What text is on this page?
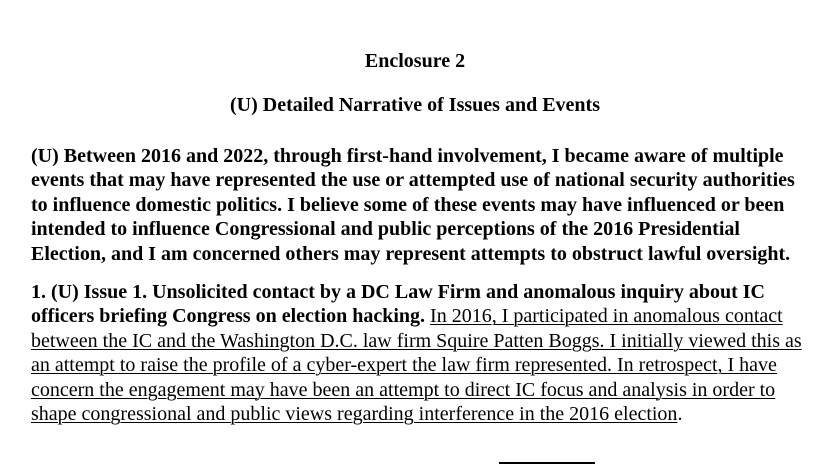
Enclosure 2
(U) Detailed Narrative of Issues and Events
(U) Between 2016 and 2022, through first-hand involvement, I became aware of multiple
events that may have represented the use or attempted use of national security authorities
to influence domestic politics. I believe some of these events may have influenced or been
intended to influence Congressional and public perceptions of the 2016 Presidential
Election, and I am concerned others may represent attempts to obstruct lawful oversight.
1. (U) Issue 1. Unsolicited contact by a DC Law Firm and anomalous inquiry about IC
officers briefing Congress on election hacking. In 2016, I participated in anomalous contact
between the IC and the Washington D.C. law firm Squire Patten Boggs. I initially viewed this as
an attempt to raise the profile of a cyber-expert the law firm represented. In retrospect, I have
concern the engagement may have been an attempt to direct IC focus and analysis in order to
shape congressional and public views regarding interference in the 2016 election.
